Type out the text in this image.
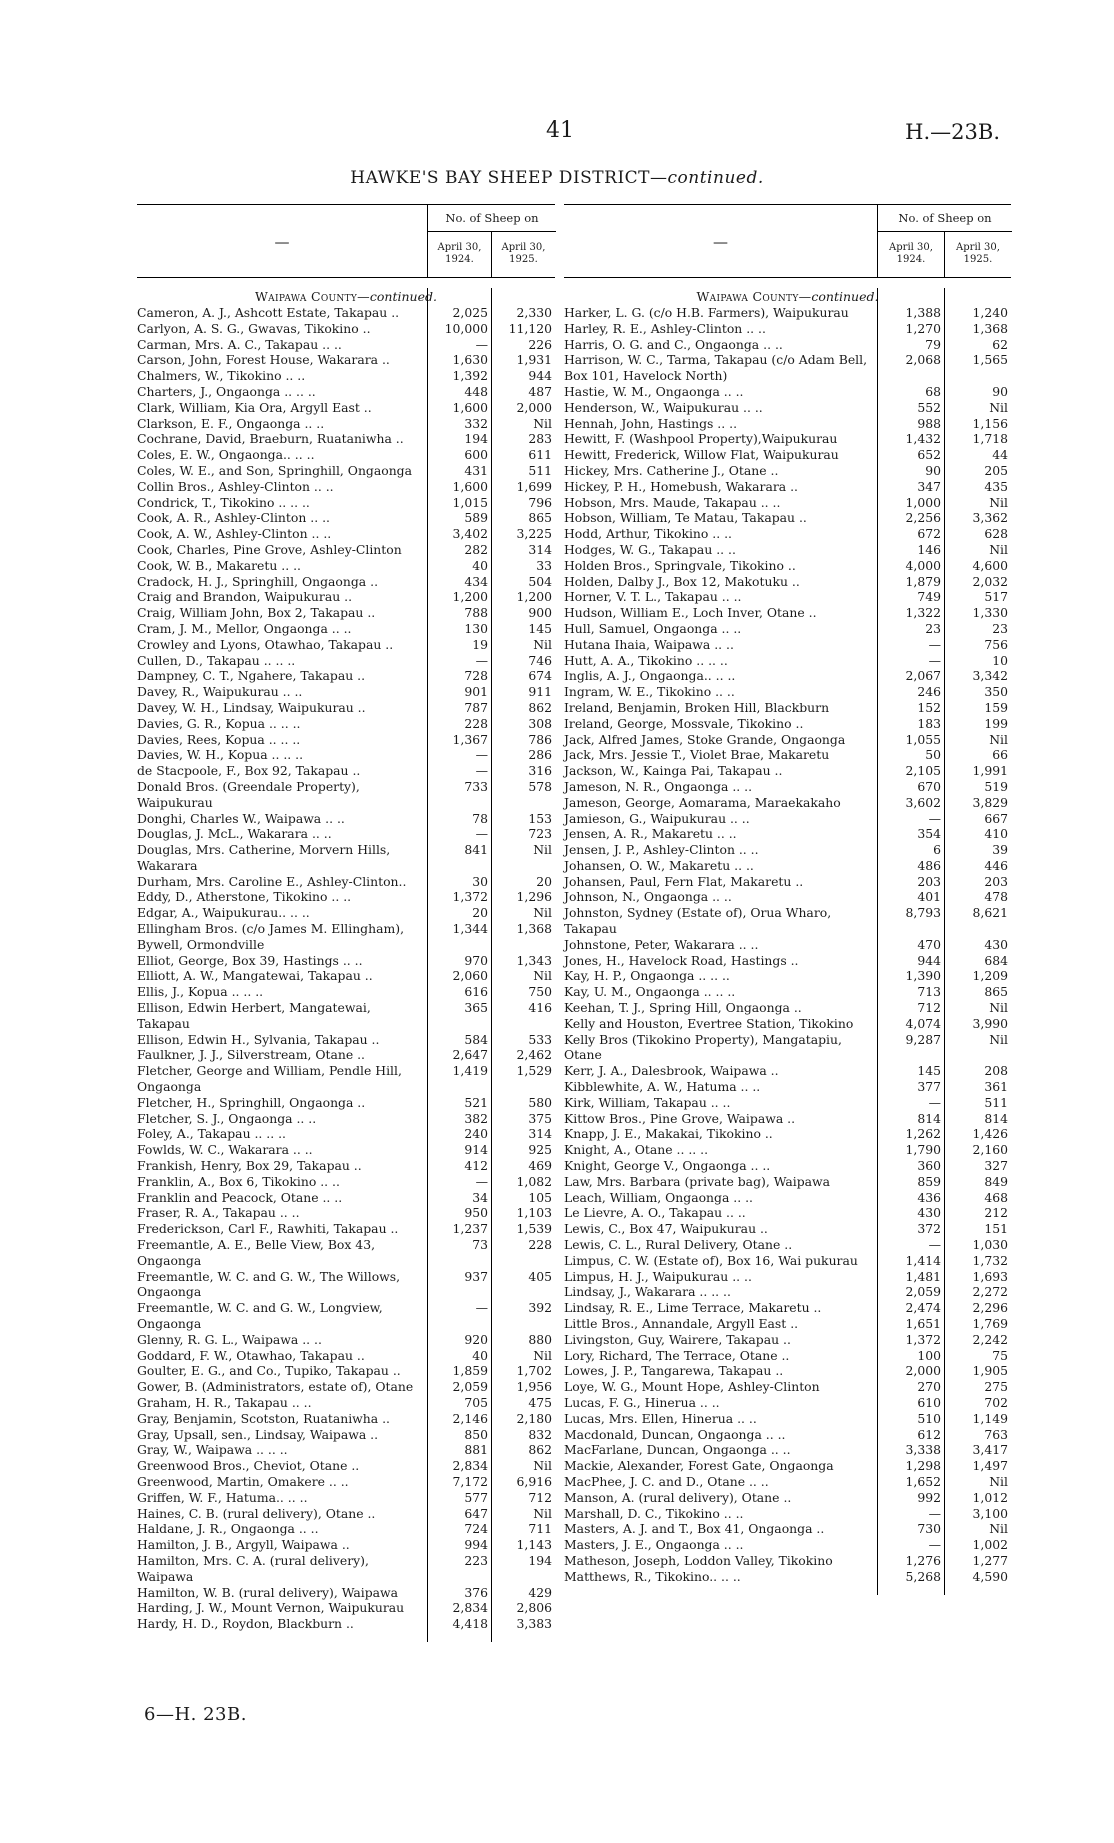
41	H.—23B.
HAWKE'S BAY SHEEP DISTRICT—continued.
—
No. of Sheep on
April 30,
1924.
April 30,
1925.
Waipawa County—continued.
Cameron, A. J., Ashcott Estate, Takapau ..	2,025	2,330
Carlyon, A. S. G., Gwavas, Tikokino ..	10,000	11,120
Carman, Mrs. A. C., Takapau .. ..	—	226
Carson, John, Forest House, Wakarara ..	1,630	1,931
Chalmers, W., Tikokino .. ..	1,392	944
Charters, J., Ongaonga .. .. ..	448	487
Clark, William, Kia Ora, Argyll East ..	1,600	2,000
Clarkson, E. F., Ongaonga .. ..	332	Nil
Cochrane, David, Braeburn, Ruataniwha ..	194	283
Coles, E. W., Ongaonga.. .. ..	600	611
Coles, W. E., and Son, Springhill, Ongaonga	431	511
Collin Bros., Ashley-Clinton .. ..	1,600	1,699
Condrick, T., Tikokino .. .. ..	1,015	796
Cook, A. R., Ashley-Clinton .. ..	589	865
Cook, A. W., Ashley-Clinton .. ..	3,402	3,225
Cook, Charles, Pine Grove, Ashley-Clinton	282	314
Cook, W. B., Makaretu .. ..	40	33
Cradock, H. J., Springhill, Ongaonga ..	434	504
Craig and Brandon, Waipukurau ..	1,200	1,200
Craig, William John, Box 2, Takapau ..	788	900
Cram, J. M., Mellor, Ongaonga .. ..	130	145
Crowley and Lyons, Otawhao, Takapau ..	19	Nil
Cullen, D., Takapau .. .. ..	—	746
Dampney, C. T., Ngahere, Takapau ..	728	674
Davey, R., Waipukurau .. ..	901	911
Davey, W. H., Lindsay, Waipukurau ..	787	862
Davies, G. R., Kopua .. .. ..	228	308
Davies, Rees, Kopua .. .. ..	1,367	786
Davies, W. H., Kopua .. .. ..	—	286
de Stacpoole, F., Box 92, Takapau ..	—	316
Donald Bros. (Greendale Property), Waipukurau
733	578
Donghi, Charles W., Waipawa .. ..	78	153
Douglas, J. McL., Wakarara .. ..	—	723
Douglas, Mrs. Catherine, Morvern Hills, Wakarara
841	Nil
Durham, Mrs. Caroline E., Ashley-Clinton..	30	20
Eddy, D., Atherstone, Tikokino .. ..	1,372	1,296
Edgar, A., Waipukurau.. .. ..	20	Nil
Ellingham Bros. (c/o James M. Ellingham), Bywell, Ormondville
1,344	1,368
Elliot, George, Box 39, Hastings .. ..	970	1,343
Elliott, A. W., Mangatewai, Takapau ..	2,060	Nil
Ellis, J., Kopua .. .. ..	616	750
Ellison, Edwin Herbert, Mangatewai, Takapau
365	416
Ellison, Edwin H., Sylvania, Takapau ..	584	533
Faulkner, J. J., Silverstream, Otane ..	2,647	2,462
Fletcher, George and William, Pendle Hill, Ongaonga
1,419	1,529
Fletcher, H., Springhill, Ongaonga ..	521	580
Fletcher, S. J., Ongaonga .. ..	382	375
Foley, A., Takapau .. .. ..	240	314
Fowlds, W. C., Wakarara .. ..	914	925
Frankish, Henry, Box 29, Takapau ..	412	469
Franklin, A., Box 6, Tikokino .. ..	—	1,082
Franklin and Peacock, Otane .. ..	34	105
Fraser, R. A., Takapau .. ..	950	1,103
Frederickson, Carl F., Rawhiti, Takapau ..	1,237	1,539
Freemantle, A. E., Belle View, Box 43, Ongaonga
73	228
Freemantle, W. C. and G. W., The Willows, Ongaonga
937	405
Freemantle, W. C. and G. W., Longview, Ongaonga
—	392
Glenny, R. G. L., Waipawa .. ..	920	880
Goddard, F. W., Otawhao, Takapau ..	40	Nil
Goulter, E. G., and Co., Tupiko, Takapau ..	1,859	1,702
Gower, B. (Administrators, estate of), Otane	2,059	1,956
Graham, H. R., Takapau .. ..	705	475
Gray, Benjamin, Scotston, Ruataniwha ..	2,146	2,180
Gray, Upsall, sen., Lindsay, Waipawa ..	850	832
Gray, W., Waipawa .. .. ..	881	862
Greenwood Bros., Cheviot, Otane ..	2,834	Nil
Greenwood, Martin, Omakere .. ..	7,172	6,916
Griffen, W. F., Hatuma.. .. ..	577	712
Haines, C. B. (rural delivery), Otane ..	647	Nil
Haldane, J. R., Ongaonga .. ..	724	711
Hamilton, J. B., Argyll, Waipawa ..	994	1,143
Hamilton, Mrs. C. A. (rural delivery), Waipawa
223	194
Hamilton, W. B. (rural delivery), Waipawa	376	429
Harding, J. W., Mount Vernon, Waipukurau	2,834	2,806
Hardy, H. D., Roydon, Blackburn ..	4,418	3,383
—
No. of Sheep on
April 30,
1924.
April 30,
1925.
Waipawa County—continued.
Harker, L. G. (c/o H.B. Farmers), Waipukurau	1,388	1,240
Harley, R. E., Ashley-Clinton .. ..	1,270	1,368
Harris, O. G. and C., Ongaonga .. ..	79	62
Harrison, W. C., Tarma, Takapau (c/o Adam Bell, Box 101, Havelock North)
2,068	1,565
Hastie, W. M., Ongaonga .. ..	68	90
Henderson, W., Waipukurau .. ..	552	Nil
Hennah, John, Hastings .. ..	988	1,156
Hewitt, F. (Washpool Property),Waipukurau	1,432	1,718
Hewitt, Frederick, Willow Flat, Waipukurau	652	44
Hickey, Mrs. Catherine J., Otane ..	90	205
Hickey, P. H., Homebush, Wakarara ..	347	435
Hobson, Mrs. Maude, Takapau .. ..	1,000	Nil
Hobson, William, Te Matau, Takapau ..	2,256	3,362
Hodd, Arthur, Tikokino .. ..	672	628
Hodges, W. G., Takapau .. ..	146	Nil
Holden Bros., Springvale, Tikokino ..	4,000	4,600
Holden, Dalby J., Box 12, Makotuku ..	1,879	2,032
Horner, V. T. L., Takapau .. ..	749	517
Hudson, William E., Loch Inver, Otane ..	1,322	1,330
Hull, Samuel, Ongaonga .. ..	23	23
Hutana Ihaia, Waipawa .. ..	—	756
Hutt, A. A., Tikokino .. .. ..	—	10
Inglis, A. J., Ongaonga.. .. ..	2,067	3,342
Ingram, W. E., Tikokino .. ..	246	350
Ireland, Benjamin, Broken Hill, Blackburn	152	159
Ireland, George, Mossvale, Tikokino ..	183	199
Jack, Alfred James, Stoke Grande, Ongaonga	1,055	Nil
Jack, Mrs. Jessie T., Violet Brae, Makaretu	50	66
Jackson, W., Kainga Pai, Takapau ..	2,105	1,991
Jameson, N. R., Ongaonga .. ..	670	519
Jameson, George, Aomarama, Maraekakaho	3,602	3,829
Jamieson, G., Waipukurau .. ..	—	667
Jensen, A. R., Makaretu .. ..	354	410
Jensen, J. P., Ashley-Clinton .. ..	6	39
Johansen, O. W., Makaretu .. ..	486	446
Johansen, Paul, Fern Flat, Makaretu ..	203	203
Johnson, N., Ongaonga .. ..	401	478
Johnston, Sydney (Estate of), Orua Wharo, Takapau
8,793	8,621
Johnstone, Peter, Wakarara .. ..	470	430
Jones, H., Havelock Road, Hastings ..	944	684
Kay, H. P., Ongaonga .. .. ..	1,390	1,209
Kay, U. M., Ongaonga .. .. ..	713	865
Keehan, T. J., Spring Hill, Ongaonga ..	712	Nil
Kelly and Houston, Evertree Station, Tikokino	4,074	3,990
Kelly Bros (Tikokino Property), Mangatapiu, Otane
9,287	Nil
Kerr, J. A., Dalesbrook, Waipawa ..	145	208
Kibblewhite, A. W., Hatuma .. ..	377	361
Kirk, William, Takapau .. ..	—	511
Kittow Bros., Pine Grove, Waipawa ..	814	814
Knapp, J. E., Makakai, Tikokino ..	1,262	1,426
Knight, A., Otane .. .. ..	1,790	2,160
Knight, George V., Ongaonga .. ..	360	327
Law, Mrs. Barbara (private bag), Waipawa	859	849
Leach, William, Ongaonga .. ..	436	468
Le Lievre, A. O., Takapau .. ..	430	212
Lewis, C., Box 47, Waipukurau ..	372	151
Lewis, C. L., Rural Delivery, Otane ..	—	1,030
Limpus, C. W. (Estate of), Box 16, Wai pukurau	1,414	1,732
Limpus, H. J., Waipukurau .. ..	1,481	1,693
Lindsay, J., Wakarara .. .. ..	2,059	2,272
Lindsay, R. E., Lime Terrace, Makaretu ..	2,474	2,296
Little Bros., Annandale, Argyll East ..	1,651	1,769
Livingston, Guy, Wairere, Takapau ..	1,372	2,242
Lory, Richard, The Terrace, Otane ..	100	75
Lowes, J. P., Tangarewa, Takapau ..	2,000	1,905
Loye, W. G., Mount Hope, Ashley-Clinton	270	275
Lucas, F. G., Hinerua .. ..	610	702
Lucas, Mrs. Ellen, Hinerua .. ..	510	1,149
Macdonald, Duncan, Ongaonga .. ..	612	763
MacFarlane, Duncan, Ongaonga .. ..	3,338	3,417
Mackie, Alexander, Forest Gate, Ongaonga	1,298	1,497
MacPhee, J. C. and D., Otane .. ..	1,652	Nil
Manson, A. (rural delivery), Otane ..	992	1,012
Marshall, D. C., Tikokino .. ..	—	3,100
Masters, A. J. and T., Box 41, Ongaonga ..	730	Nil
Masters, J. E., Ongaonga .. ..	—	1,002
Matheson, Joseph, Loddon Valley, Tikokino	1,276	1,277
Matthews, R., Tikokino.. .. ..	5,268	4,590
6—H. 23B.
